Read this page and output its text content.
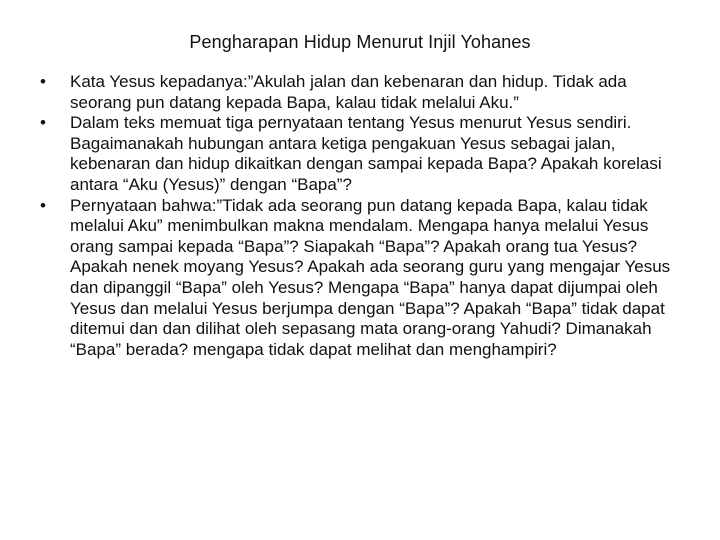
Pengharapan Hidup Menurut Injil Yohanes
• Kata Yesus kepadanya:”Akulah jalan dan kebenaran dan hidup. Tidak ada seorang pun datang kepada Bapa, kalau tidak melalui Aku.”
• Dalam teks memuat tiga pernyataan tentang Yesus menurut Yesus sendiri. Bagaimanakah hubungan antara ketiga pengakuan Yesus sebagai jalan, kebenaran dan hidup dikaitkan dengan sampai kepada Bapa? Apakah korelasi antara “Aku (Yesus)” dengan “Bapa”?
• Pernyataan bahwa:”Tidak ada seorang pun datang kepada Bapa, kalau tidak melalui Aku” menimbulkan makna mendalam. Mengapa hanya melalui Yesus orang sampai kepada “Bapa”? Siapakah “Bapa”? Apakah orang tua Yesus? Apakah nenek moyang Yesus? Apakah ada seorang guru yang mengajar Yesus dan dipanggil “Bapa” oleh Yesus? Mengapa “Bapa” hanya dapat dijumpai oleh Yesus dan melalui Yesus berjumpa dengan “Bapa”? Apakah “Bapa” tidak dapat ditemui dan dan dilihat oleh sepasang mata orang-orang Yahudi? Dimanakah “Bapa” berada? mengapa tidak dapat melihat dan menghampiri?
